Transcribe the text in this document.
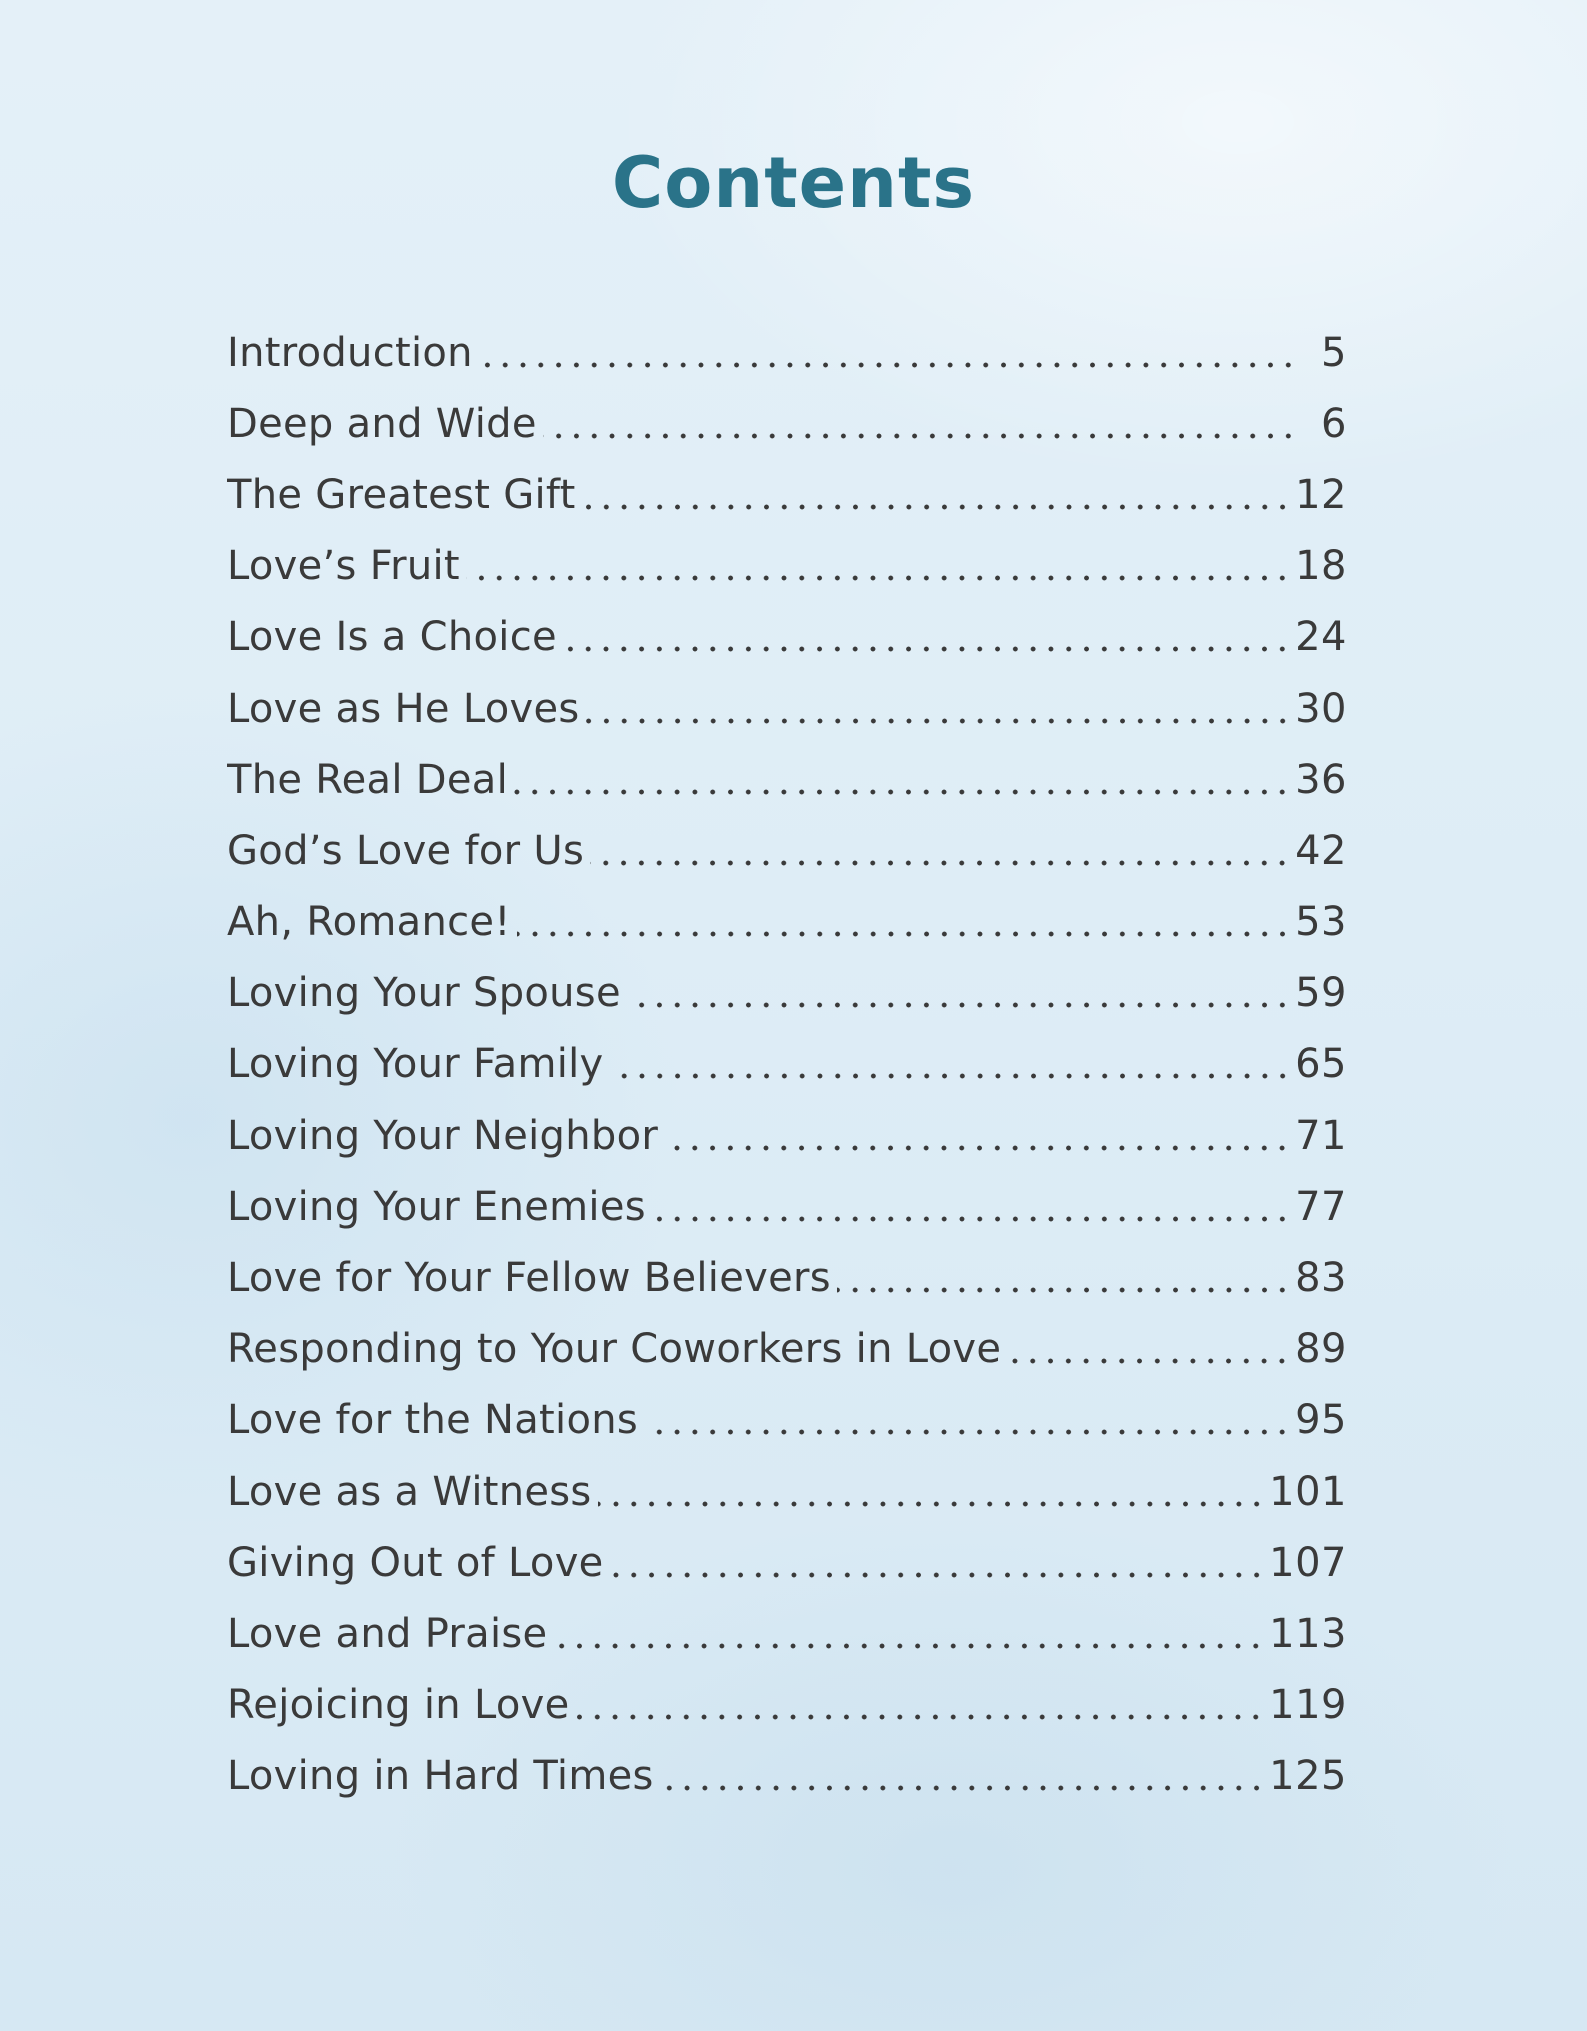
Contents
Introduction	5
Deep and Wide	6
The Greatest Gift	12
Love’s Fruit	18
Love Is a Choice	24
Love as He Loves	30
The Real Deal	36
God’s Love for Us	42
Ah, Romance!	53
Loving Your Spouse	59
Loving Your Family	65
Loving Your Neighbor	71
Loving Your Enemies	77
Love for Your Fellow Believers	83
Responding to Your Coworkers in Love	89
Love for the Nations	95
Love as a Witness	101
Giving Out of Love	107
Love and Praise	113
Rejoicing in Love	119
Loving in Hard Times	125
